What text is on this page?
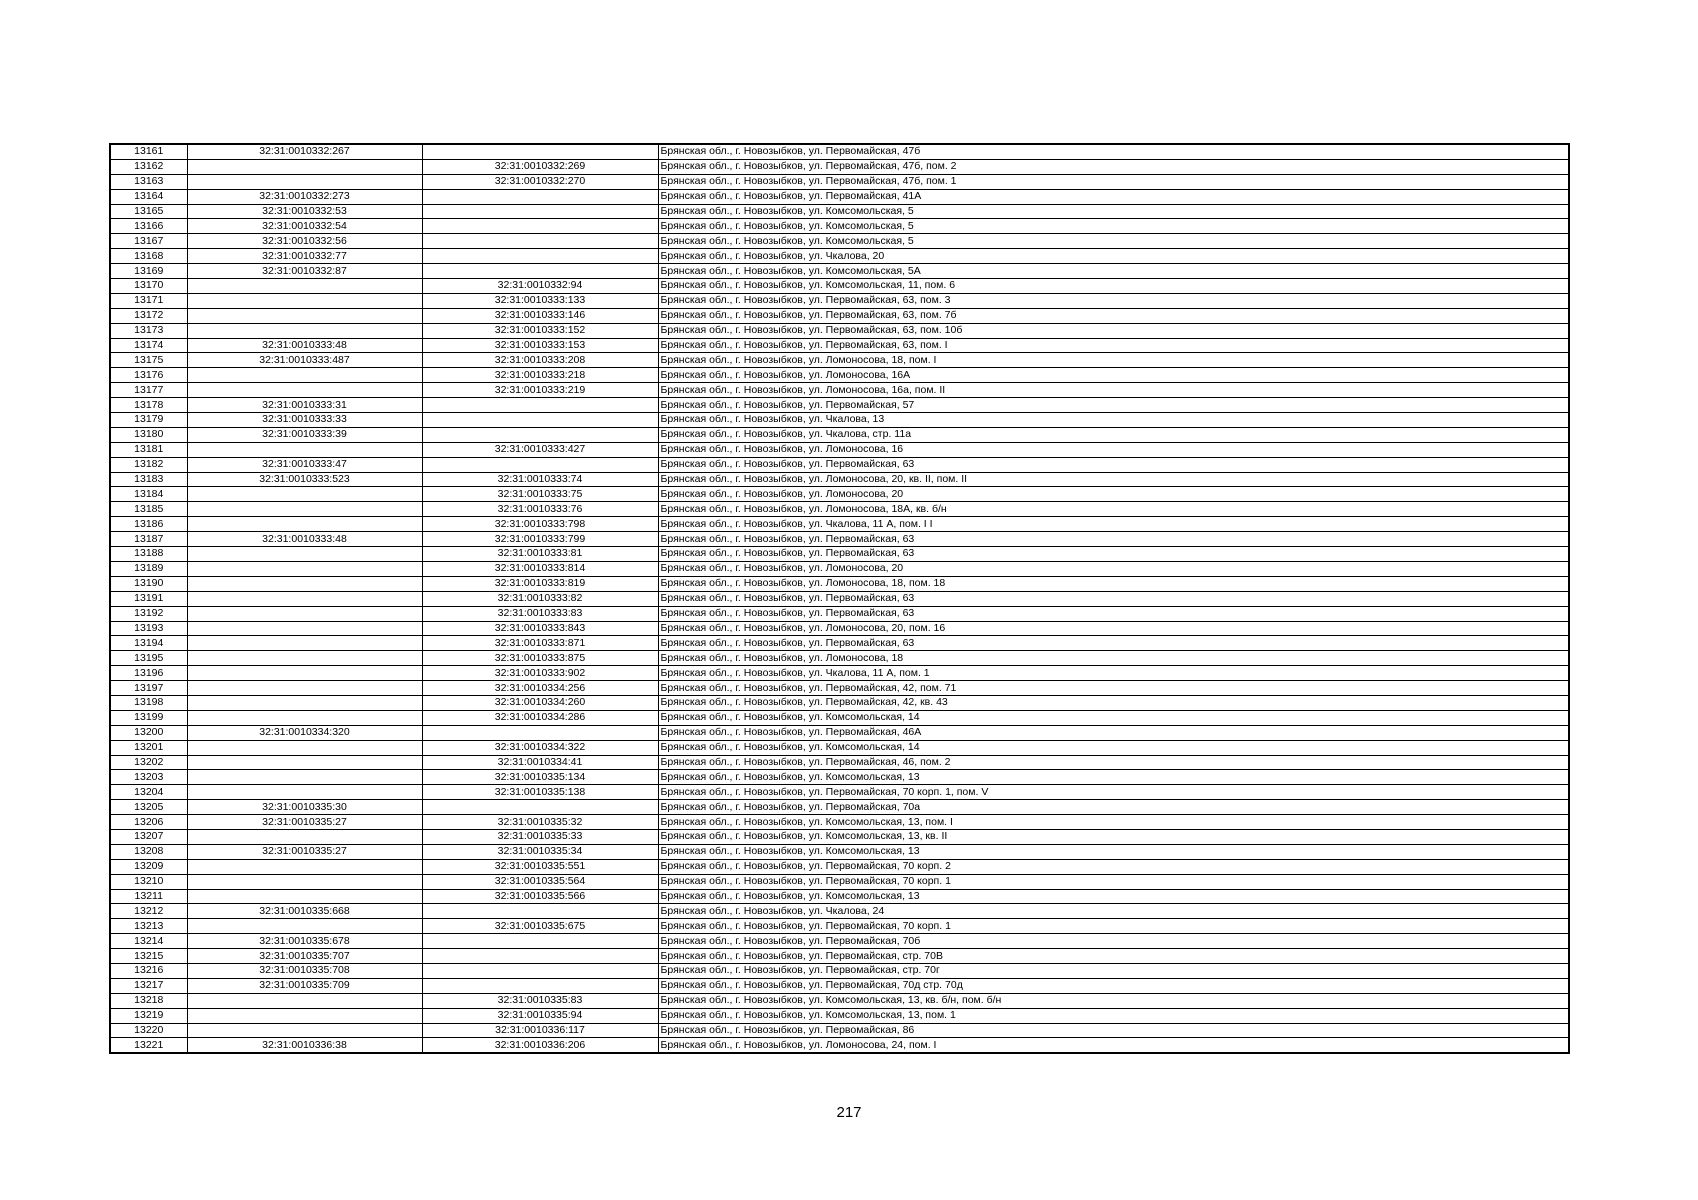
13161	32:31:0010332:267		Брянская обл., г. Новозыбков, ул. Первомайская, 47б
13162		32:31:0010332:269	Брянская обл., г. Новозыбков, ул. Первомайская, 47б, пом. 2
13163		32:31:0010332:270	Брянская обл., г. Новозыбков, ул. Первомайская, 47б, пом. 1
13164	32:31:0010332:273		Брянская обл., г. Новозыбков, ул. Первомайская, 41А
13165	32:31:0010332:53		Брянская обл., г. Новозыбков, ул. Комсомольская, 5
13166	32:31:0010332:54		Брянская обл., г. Новозыбков, ул. Комсомольская, 5
13167	32:31:0010332:56		Брянская обл., г. Новозыбков, ул. Комсомольская, 5
13168	32:31:0010332:77		Брянская обл., г. Новозыбков, ул. Чкалова, 20
13169	32:31:0010332:87		Брянская обл., г. Новозыбков, ул. Комсомольская, 5А
13170		32:31:0010332:94	Брянская обл., г. Новозыбков, ул. Комсомольская, 11, пом. 6
13171		32:31:0010333:133	Брянская обл., г. Новозыбков, ул. Первомайская, 63, пом. 3
13172		32:31:0010333:146	Брянская обл., г. Новозыбков, ул. Первомайская, 63, пом. 7б
13173		32:31:0010333:152	Брянская обл., г. Новозыбков, ул. Первомайская, 63, пом. 10б
13174	32:31:0010333:48	32:31:0010333:153	Брянская обл., г. Новозыбков, ул. Первомайская, 63, пом. I
13175	32:31:0010333:487	32:31:0010333:208	Брянская обл., г. Новозыбков, ул. Ломоносова, 18, пом. I
13176		32:31:0010333:218	Брянская обл., г. Новозыбков, ул. Ломоносова, 16А
13177		32:31:0010333:219	Брянская обл., г. Новозыбков, ул. Ломоносова, 16а, пом. II
13178	32:31:0010333:31		Брянская обл., г. Новозыбков, ул. Первомайская, 57
13179	32:31:0010333:33		Брянская обл., г. Новозыбков, ул. Чкалова, 13
13180	32:31:0010333:39		Брянская обл., г. Новозыбков, ул. Чкалова, стр. 11а
13181		32:31:0010333:427	Брянская обл., г. Новозыбков, ул. Ломоносова, 16
13182	32:31:0010333:47		Брянская обл., г. Новозыбков, ул. Первомайская, 63
13183	32:31:0010333:523	32:31:0010333:74	Брянская обл., г. Новозыбков, ул. Ломоносова, 20, кв. II, пом. II
13184		32:31:0010333:75	Брянская обл., г. Новозыбков, ул. Ломоносова, 20
13185		32:31:0010333:76	Брянская обл., г. Новозыбков, ул. Ломоносова, 18А, кв. б/н
13186		32:31:0010333:798	Брянская обл., г. Новозыбков, ул. Чкалова, 11 А, пом. I I
13187	32:31:0010333:48	32:31:0010333:799	Брянская обл., г. Новозыбков, ул. Первомайская, 63
13188		32:31:0010333:81	Брянская обл., г. Новозыбков, ул. Первомайская, 63
13189		32:31:0010333:814	Брянская обл., г. Новозыбков, ул. Ломоносова, 20
13190		32:31:0010333:819	Брянская обл., г. Новозыбков, ул. Ломоносова, 18, пом. 18
13191		32:31:0010333:82	Брянская обл., г. Новозыбков, ул. Первомайская, 63
13192		32:31:0010333:83	Брянская обл., г. Новозыбков, ул. Первомайская, 63
13193		32:31:0010333:843	Брянская обл., г. Новозыбков, ул. Ломоносова, 20, пом. 16
13194		32:31:0010333:871	Брянская обл., г. Новозыбков, ул. Первомайская, 63
13195		32:31:0010333:875	Брянская обл., г. Новозыбков, ул. Ломоносова, 18
13196		32:31:0010333:902	Брянская обл., г. Новозыбков, ул. Чкалова, 11 А, пом. 1
13197		32:31:0010334:256	Брянская обл., г. Новозыбков, ул. Первомайская, 42, пом. 71
13198		32:31:0010334:260	Брянская обл., г. Новозыбков, ул. Первомайская, 42, кв. 43
13199		32:31:0010334:286	Брянская обл., г. Новозыбков, ул. Комсомольская, 14
13200	32:31:0010334:320		Брянская обл., г. Новозыбков, ул. Первомайская, 46А
13201		32:31:0010334:322	Брянская обл., г. Новозыбков, ул. Комсомольская, 14
13202		32:31:0010334:41	Брянская обл., г. Новозыбков, ул. Первомайская, 46, пом. 2
13203		32:31:0010335:134	Брянская обл., г. Новозыбков, ул. Комсомольская, 13
13204		32:31:0010335:138	Брянская обл., г. Новозыбков, ул. Первомайская, 70 корп. 1, пом. V
13205	32:31:0010335:30		Брянская обл., г. Новозыбков, ул. Первомайская, 70а
13206	32:31:0010335:27	32:31:0010335:32	Брянская обл., г. Новозыбков, ул. Комсомольская, 13, пом. I
13207		32:31:0010335:33	Брянская обл., г. Новозыбков, ул. Комсомольская, 13, кв. II
13208	32:31:0010335:27	32:31:0010335:34	Брянская обл., г. Новозыбков, ул. Комсомольская, 13
13209		32:31:0010335:551	Брянская обл., г. Новозыбков, ул. Первомайская, 70 корп. 2
13210		32:31:0010335:564	Брянская обл., г. Новозыбков, ул. Первомайская, 70 корп. 1
13211		32:31:0010335:566	Брянская обл., г. Новозыбков, ул. Комсомольская, 13
13212	32:31:0010335:668		Брянская обл., г. Новозыбков, ул. Чкалова, 24
13213		32:31:0010335:675	Брянская обл., г. Новозыбков, ул. Первомайская, 70 корп. 1
13214	32:31:0010335:678		Брянская обл., г. Новозыбков, ул. Первомайская, 70б
13215	32:31:0010335:707		Брянская обл., г. Новозыбков, ул. Первомайская, стр. 70В
13216	32:31:0010335:708		Брянская обл., г. Новозыбков, ул. Первомайская, стр. 70г
13217	32:31:0010335:709		Брянская обл., г. Новозыбков, ул. Первомайская, 70д стр. 70д
13218		32:31:0010335:83	Брянская обл., г. Новозыбков, ул. Комсомольская, 13, кв. б/н, пом. б/н
13219		32:31:0010335:94	Брянская обл., г. Новозыбков, ул. Комсомольская, 13, пом. 1
13220		32:31:0010336:117	Брянская обл., г. Новозыбков, ул. Первомайская, 86
13221	32:31:0010336:38	32:31:0010336:206	Брянская обл., г. Новозыбков, ул. Ломоносова, 24, пом. I
217
